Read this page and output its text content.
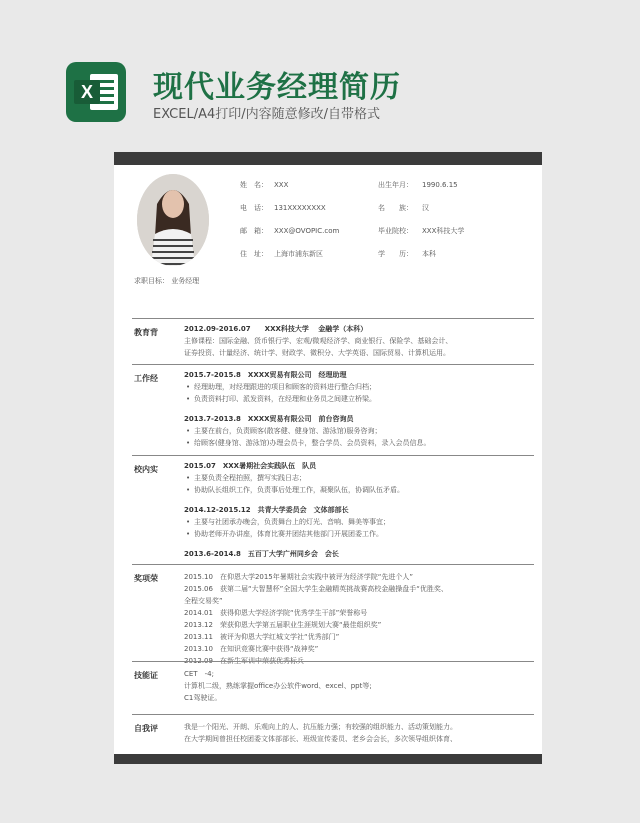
X 现代业务经理简历
EXCEL/A4打印/内容随意修改/自带格式
姓　名： XXX	出生年月： 1990.6.15
电　话： 131XXXXXXXX	名　　族： 汉
邮　箱： XXX@OVOPIC.com	毕业院校： XXX科技大学
住　址： 上海市浦东新区	学　　历： 本科
求职目标： 业务经理
教育背	2012.09-2016.07　　XXX科技大学　 金融学（本科）
主修课程：国际金融、货币银行学、宏观/微观经济学、商业银行、保险学、基础会计、
证券投资、计量经济、统计学、财政学、微积分、大学英语、国际贸易、计算机运用。
工作经	2015.7-2015.8　XXXX贸易有限公司　经理助理
• 经理助理，对经理跟进的项目和顾客的资料进行整合归档；
• 负责资料打印、派发资料，在经理和业务员之间建立桥梁。
2013.7-2013.8　XXXX贸易有限公司　前台咨询员
• 主要在前台，负责顾客(散客健、健身馆、游泳馆)服务咨询；
• 给顾客(健身馆、游泳馆)办理会员卡，整合学员、会员资料，录入会员信息。
校内实	2015.07　XXX暑期社会实践队伍　队员
• 主要负责全程拍照，撰写实践日志；
• 协助队长组织工作，负责事后处理工作，凝聚队伍，协调队伍矛盾。
2014.12-2015.12　共青大学委员会　文体部部长
• 主要与社团承办晚会，负责舞台上的灯光、音响、舞美等事宜；
• 协助老师开办讲座，体育比赛并团结其他部门开展团委工作。
2013.6-2014.8　五百丁大学广州同乡会　会长
奖项荣	2015.10　在仰恩大学2015年暑期社会实践中被评为经济学院“先进个人”
2015.06　获第二届“大智慧杯”全国大学生金融精英挑战赛高校金融操盘手“优胜奖、
全程交易奖”
2014.01　获得仰恩大学经济学院“优秀学生干部”荣誉称号
2013.12　荣获仰恩大学第五届职业生涯规划大赛“最佳组织奖”
2013.11　被评为仰恩大学红城文学社“优秀部门”
2013.10　在知识竞赛比赛中获得“战神奖”
2012.09　在新生军训中荣获优秀标兵
技能证	CET　-4;
计算机二级，熟练掌握office办公软件word、excel、ppt等;
C1驾驶证。
自我评	我是一个阳光、开朗、乐观向上的人、抗压能力强；有较强的组织能力、活动策划能力。
在大学期间曾担任校团委文体部部长、班级宣传委员、老乡会会长，多次领导组织体育、
